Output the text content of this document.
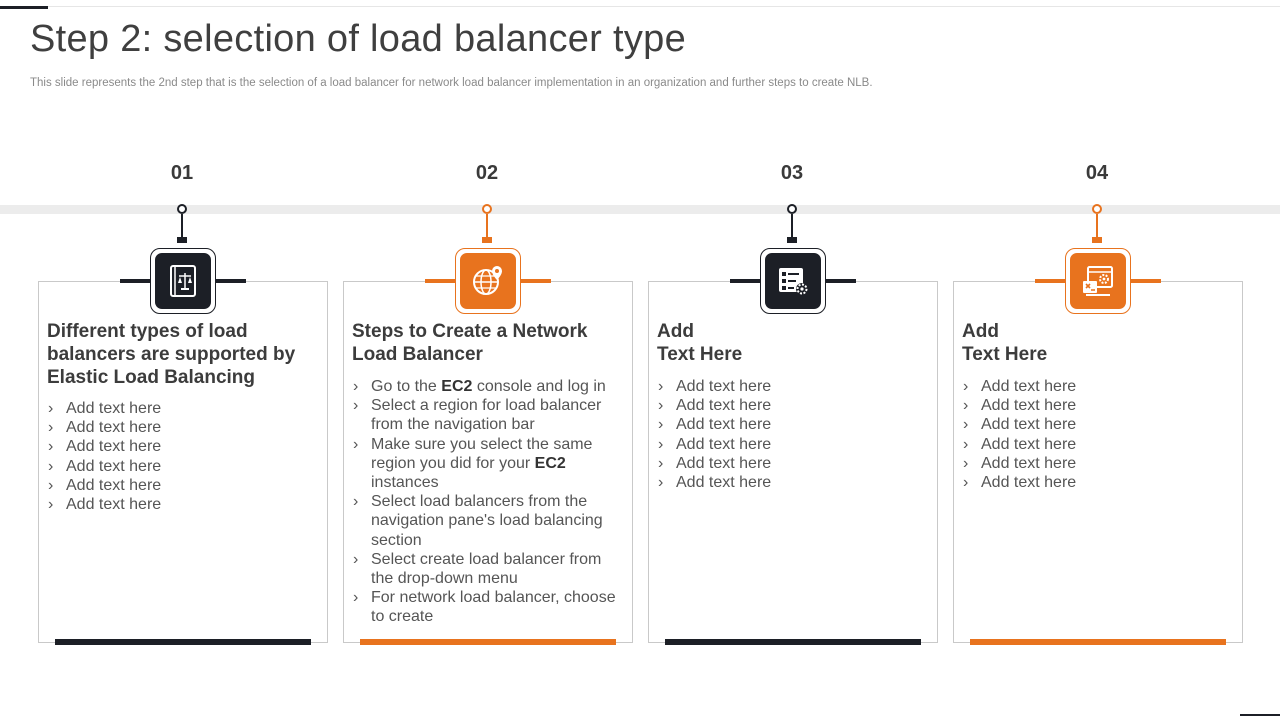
Step 2: selection of load balancer type

This slide represents the 2nd step that is the selection of a load balancer for network load balancer implementation in an organization and further steps to create NLB.

01
Different types of load balancers are supported by Elastic Load Balancing
› Add text here
› Add text here
› Add text here
› Add text here
› Add text here
› Add text here
02
Steps to Create a Network Load Balancer
› Go to the EC2 console and log in
› Select a region for load balancer from the navigation bar
› Make sure you select the same region you did for your EC2 instances
› Select load balancers from the navigation pane's load balancing section
› Select create load balancer from the drop-down menu
› For network load balancer, choose to create
03
Add
Text Here
› Add text here
› Add text here
› Add text here
› Add text here
› Add text here
› Add text here
04
Add
Text Here
› Add text here
› Add text here
› Add text here
› Add text here
› Add text here
› Add text here
